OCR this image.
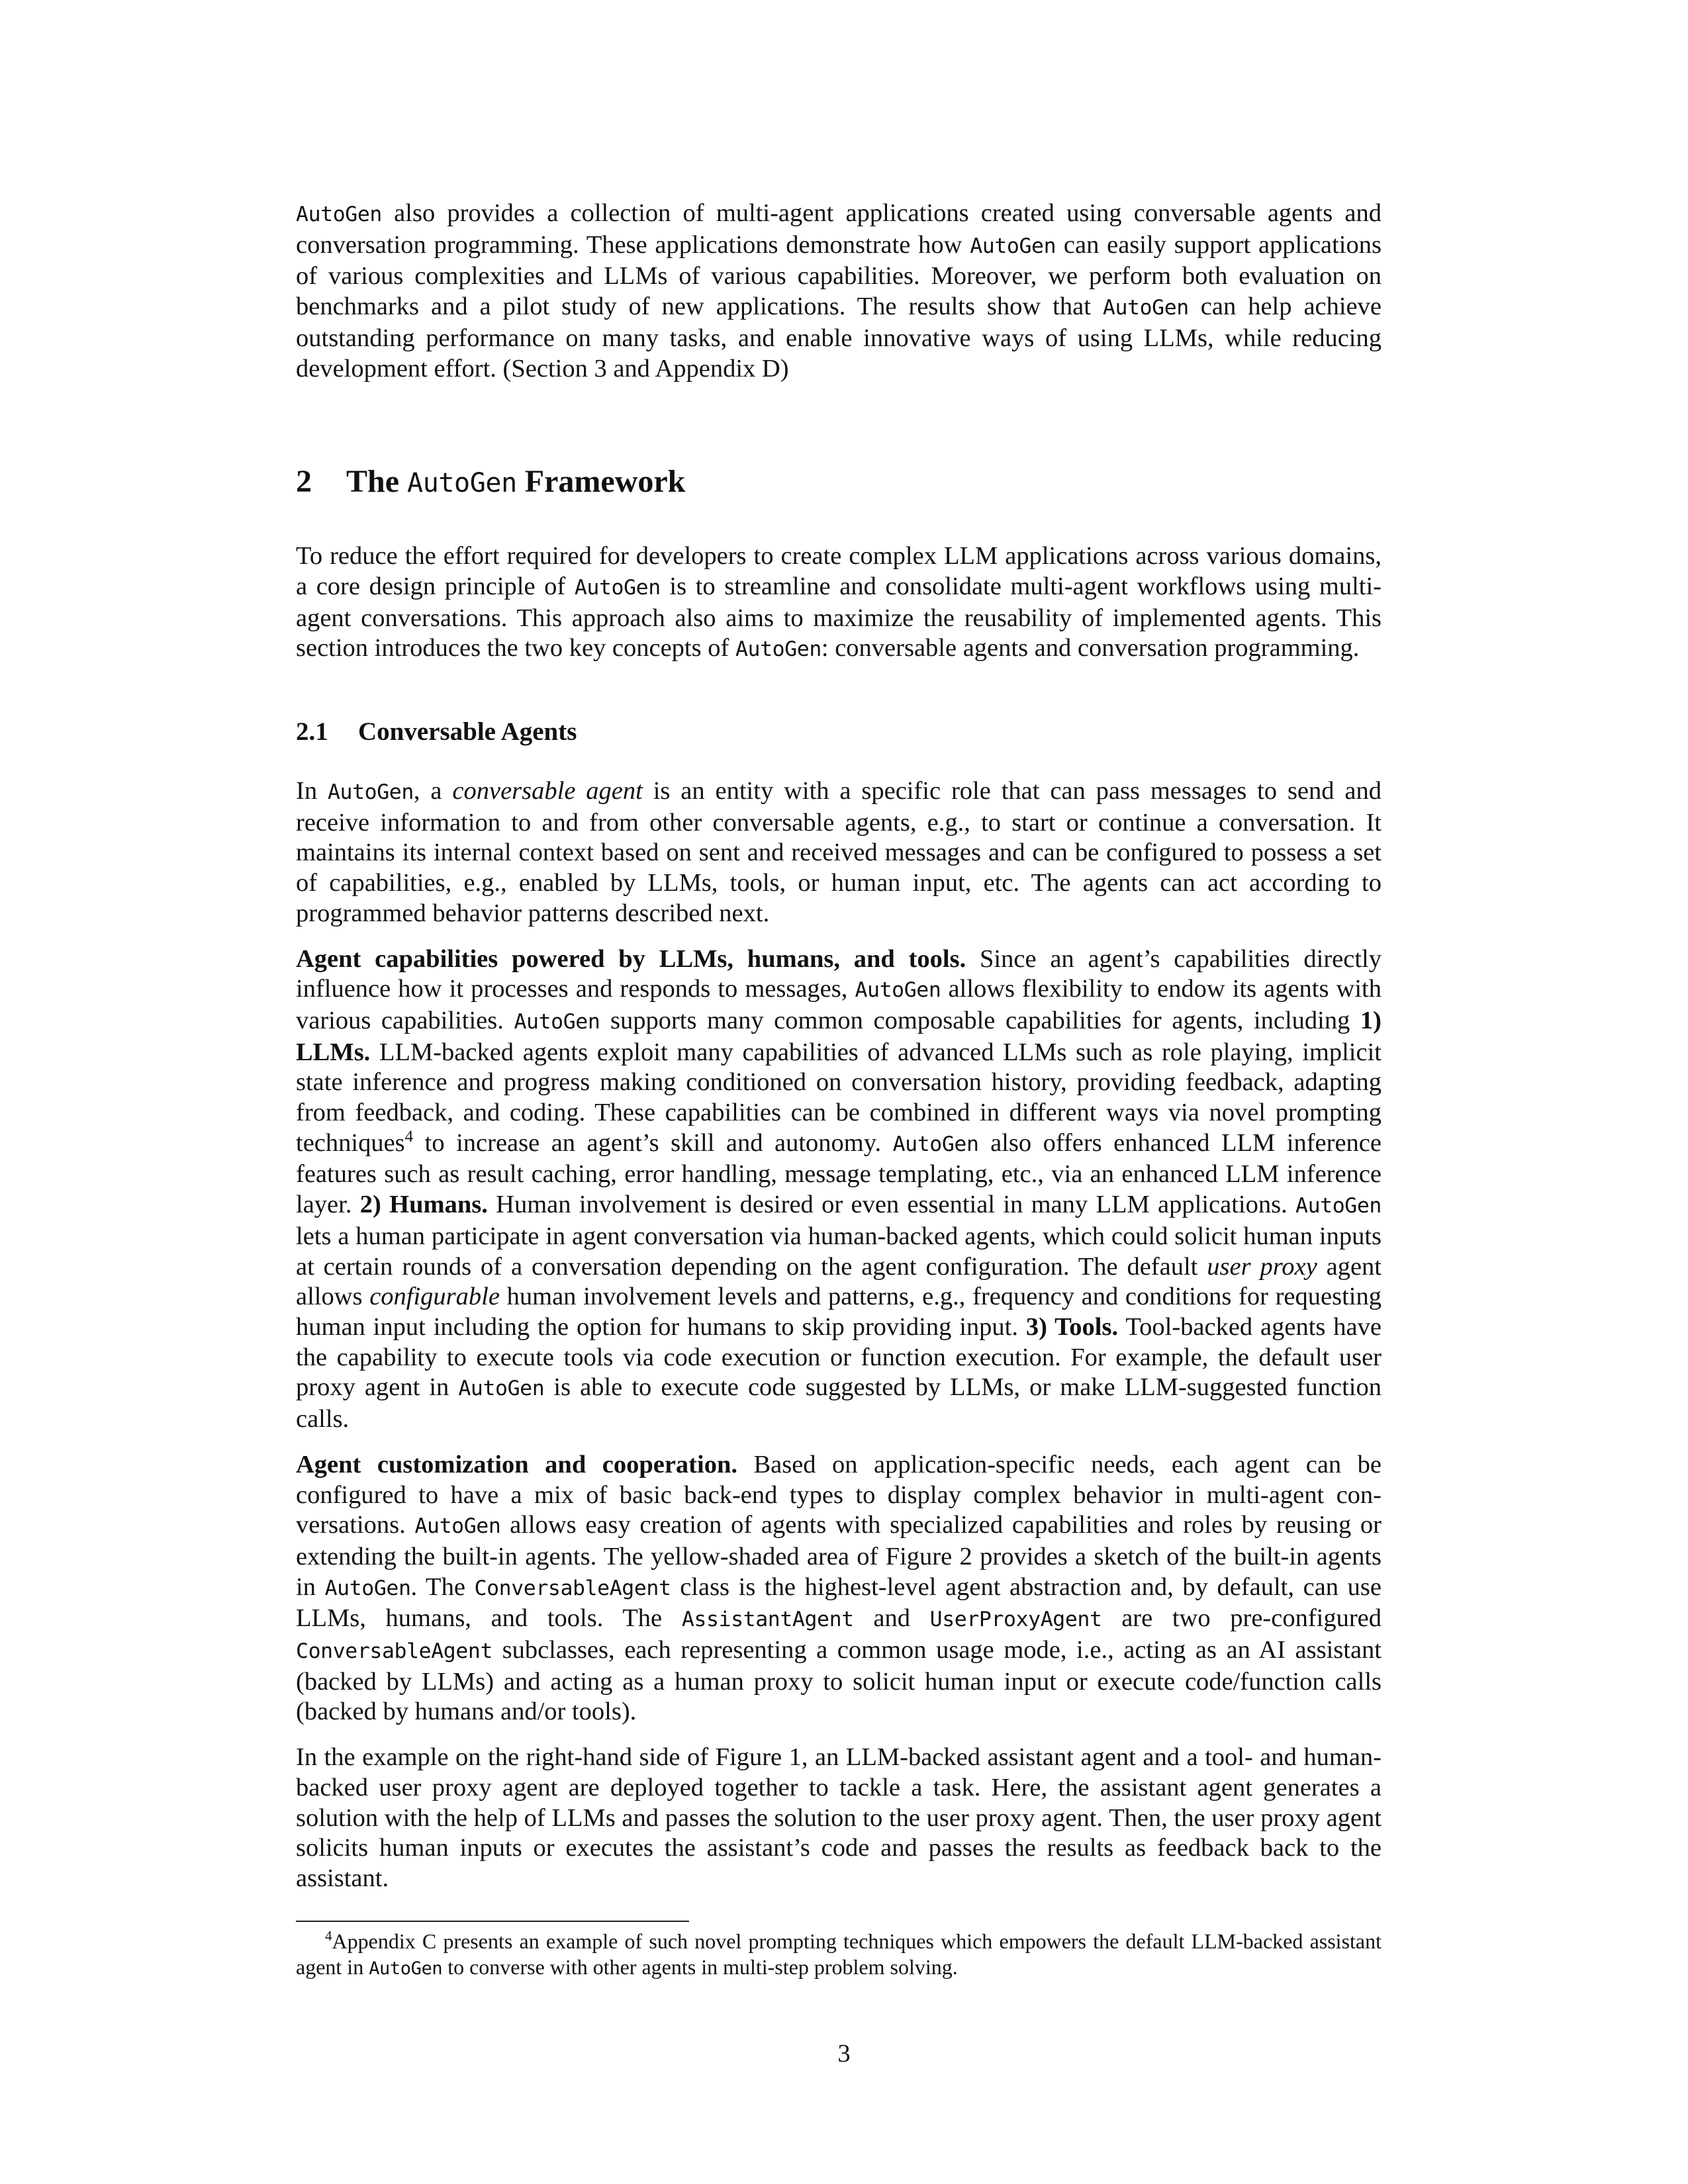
AutoGen also provides a collection of multi-agent applications created using conversable agents and conversation programming. These applications demonstrate how AutoGen can easily support applications of various complexities and LLMs of various capabilities. Moreover, we perform both evaluation on benchmarks and a pilot study of new applications. The results show that AutoGen can help achieve outstanding performance on many tasks, and enable innovative ways of using LLMs, while reducing development effort. (Section 3 and Appendix D)

2 The AutoGen Framework

To reduce the effort required for developers to create complex LLM applications across various domains, a core design principle of AutoGen is to streamline and consolidate multi-agent workflows using multi-agent conversations. This approach also aims to maximize the reusability of implemented agents. This section introduces the two key concepts of AutoGen: conversable agents and conversation programming.

2.1 Conversable Agents

In AutoGen, a conversable agent is an entity with a specific role that can pass messages to send and receive information to and from other conversable agents, e.g., to start or continue a conversation. It maintains its internal context based on sent and received messages and can be configured to possess a set of capabilities, e.g., enabled by LLMs, tools, or human input, etc. The agents can act according to programmed behavior patterns described next.

Agent capabilities powered by LLMs, humans, and tools. Since an agent’s capabilities directly influence how it processes and responds to messages, AutoGen allows flexibility to endow its agents with various capabilities. AutoGen supports many common composable capabilities for agents, including 1) LLMs. LLM-backed agents exploit many capabilities of advanced LLMs such as role playing, implicit state inference and progress making conditioned on conversation history, providing feedback, adapting from feedback, and coding. These capabilities can be combined in different ways via novel prompting techniques$^4$ to increase an agent’s skill and autonomy. AutoGen also offers enhanced LLM inference features such as result caching, error handling, message templating, etc., via an enhanced LLM inference layer. 2) Humans. Human involvement is desired or even essential in many LLM applications. AutoGen lets a human participate in agent conversation via human-backed agents, which could solicit human inputs at certain rounds of a conversation depending on the agent configuration. The default user proxy agent allows configurable human involvement levels and patterns, e.g., frequency and conditions for requesting human input including the option for humans to skip providing input. 3) Tools. Tool-backed agents have the capability to execute tools via code execution or function execution. For example, the default user proxy agent in AutoGen is able to execute code suggested by LLMs, or make LLM-suggested function calls.

Agent customization and cooperation. Based on application-specific needs, each agent can be configured to have a mix of basic back-end types to display complex behavior in multi-agent conversations. AutoGen allows easy creation of agents with specialized capabilities and roles by reusing or extending the built-in agents. The yellow-shaded area of Figure 2 provides a sketch of the built-in agents in AutoGen. The ConversableAgent class is the highest-level agent abstraction and, by default, can use LLMs, humans, and tools. The AssistantAgent and UserProxyAgent are two pre-configured ConversableAgent subclasses, each representing a common usage mode, i.e., acting as an AI assistant (backed by LLMs) and acting as a human proxy to solicit human input or execute code/function calls (backed by humans and/or tools).

In the example on the right-hand side of Figure 1, an LLM-backed assistant agent and a tool- and human-backed user proxy agent are deployed together to tackle a task. Here, the assistant agent generates a solution with the help of LLMs and passes the solution to the user proxy agent. Then, the user proxy agent solicits human inputs or executes the assistant’s code and passes the results as feedback back to the assistant.

$^4$Appendix C presents an example of such novel prompting techniques which empowers the default LLM-backed assistant agent in AutoGen to converse with other agents in multi-step problem solving.

3
